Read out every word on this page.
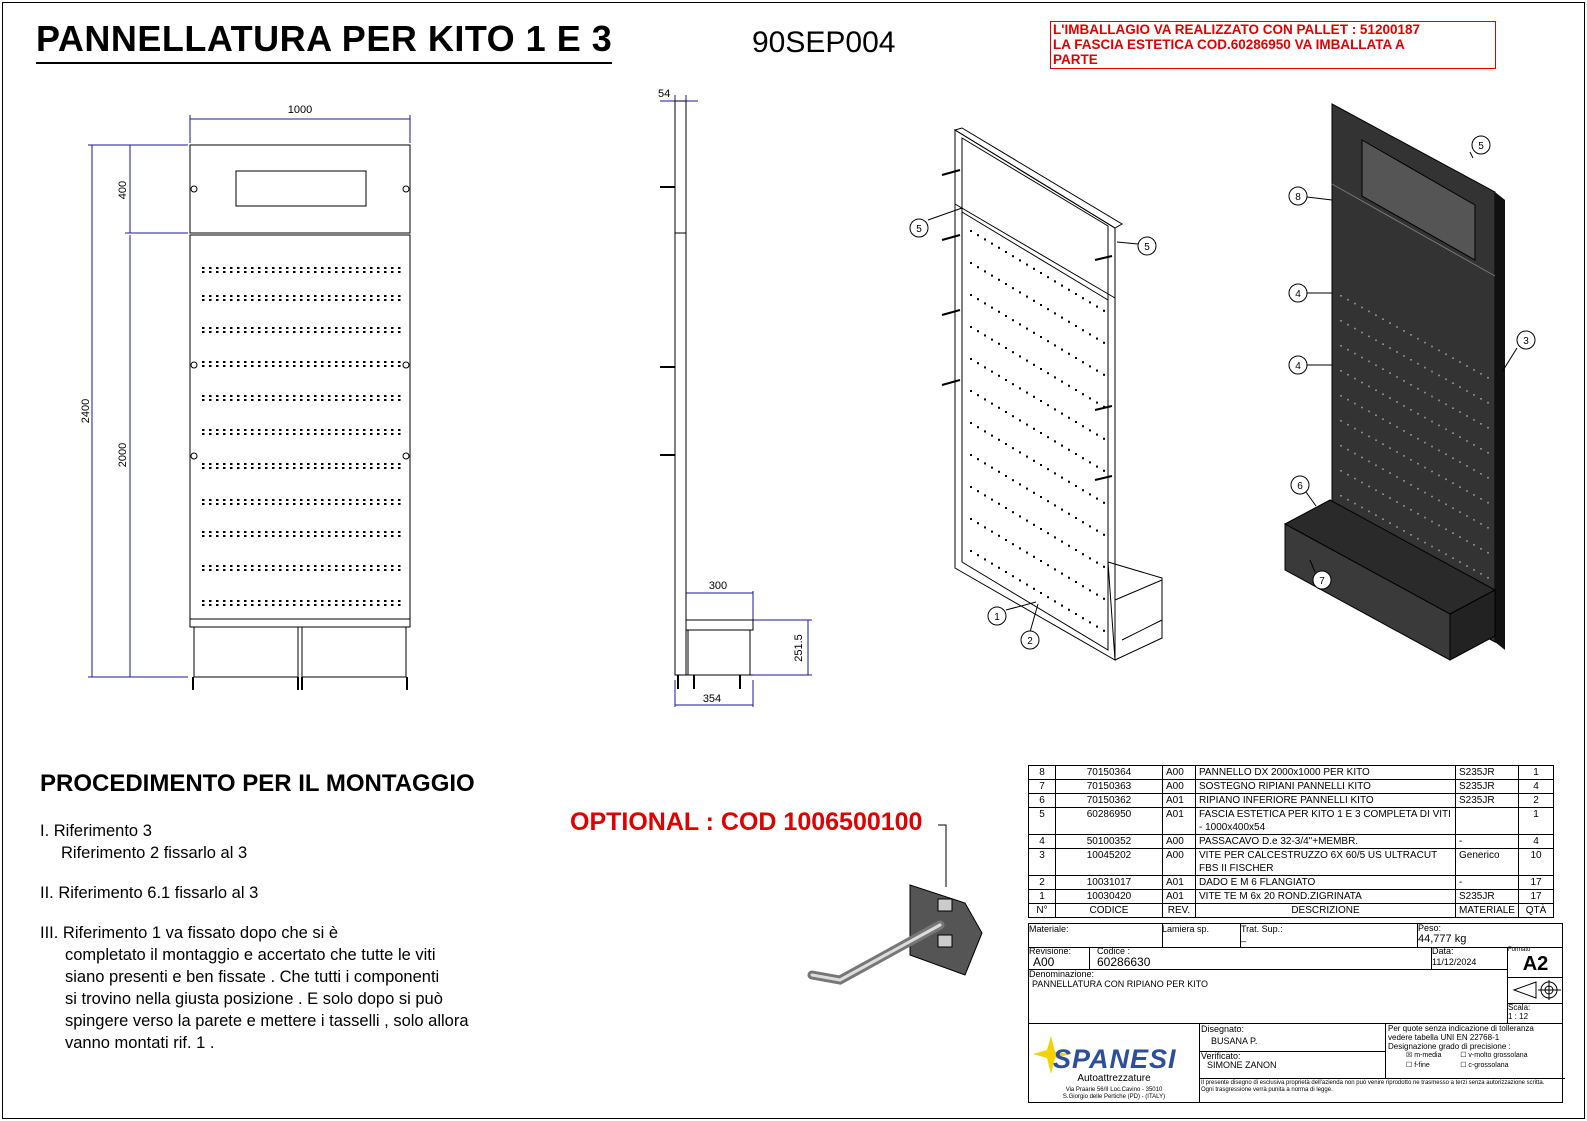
PANNELLATURA PER KITO 1 E 3	90SEP004	L'IMBALLAGIO VA REALIZZATO CON PALLET : 51200187
LA FASCIA ESTETICA COD.60286950 VA IMBALLATA A
PARTE
1000
400
2400
2000
54
300
251.5
354
5
5
1
2
5
8
4
4
3
6
7
PROCEDIMENTO PER IL MONTAGGIO
I. Riferimento 3
Riferimento 2 fissarlo al 3
II. Riferimento 6.1 fissarlo al 3
III. Riferimento 1 va fissato dopo che si è
completato il montaggio e accertato che tutte le viti
siano presenti e ben fissate . Che tutti i componenti
si trovino nella giusta posizione . E solo dopo si può
spingere verso la parete e mettere i tasselli , solo allora
vanno montati rif. 1 .
OPTIONAL : COD 1006500100
8	70150364	A00	PANNELLO DX 2000x1000 PER KITO	S235JR	1
7	70150363	A00	SOSTEGNO RIPIANI PANNELLI KITO	S235JR	4
6	70150362	A01	RIPIANO INFERIORE PANNELLI KITO	S235JR	2
5	60286950	A01	FASCIA ESTETICA PER KITO 1 E 3 COMPLETA DI VITI - 1000x400x54		1
4	50100352	A00	PASSACAVO D.e 32-3/4"+MEMBR.	-	4
3	10045202	A00	VITE PER CALCESTRUZZO 6X 60/5 US ULTRACUT FBS II FISCHER	Generico	10
2	10031017	A01	DADO E M 6 FLANGIATO	-	17
1	10030420	A01	VITE TE M 6x 20 ROND.ZIGRINATA	S235JR	17
N°	CODICE	REV.	DESCRIZIONE	MATERIALE	QTÀ
Materiale:	Lamiera sp.	Trat. Sup.:
_
Peso:
44,777 kg
Revisione:
A00
Codice :
60286630
Data:
11/12/2024
Formato
A2
Denominazione:
PANNELLATURA CON RIPIANO PER KITO
Scala:
1 : 12
SPANESI
Autoattrezzature
Via Praarie 56/II Loc.Cavino - 35010
S.Giorgio delle Pertiche (PD) - (ITALY)
Disegnato:
BUSANA P.
Verificato:
SIMONE ZANON
Per quote senza indicazione di tolleranza
vedere tabella UNI EN 22768-1
Designazione grado di precisione :
☒ m-media	☐ v-molto grossolana
☐ f-fine	☐ c-grossolana
Il presente disegno di esclusiva proprietà dell'azienda non può venire riprodotto ne trasmesso a terzi senza autorizzazione scritta.
Ogni trasgressione verrà punita a norma di legge.
